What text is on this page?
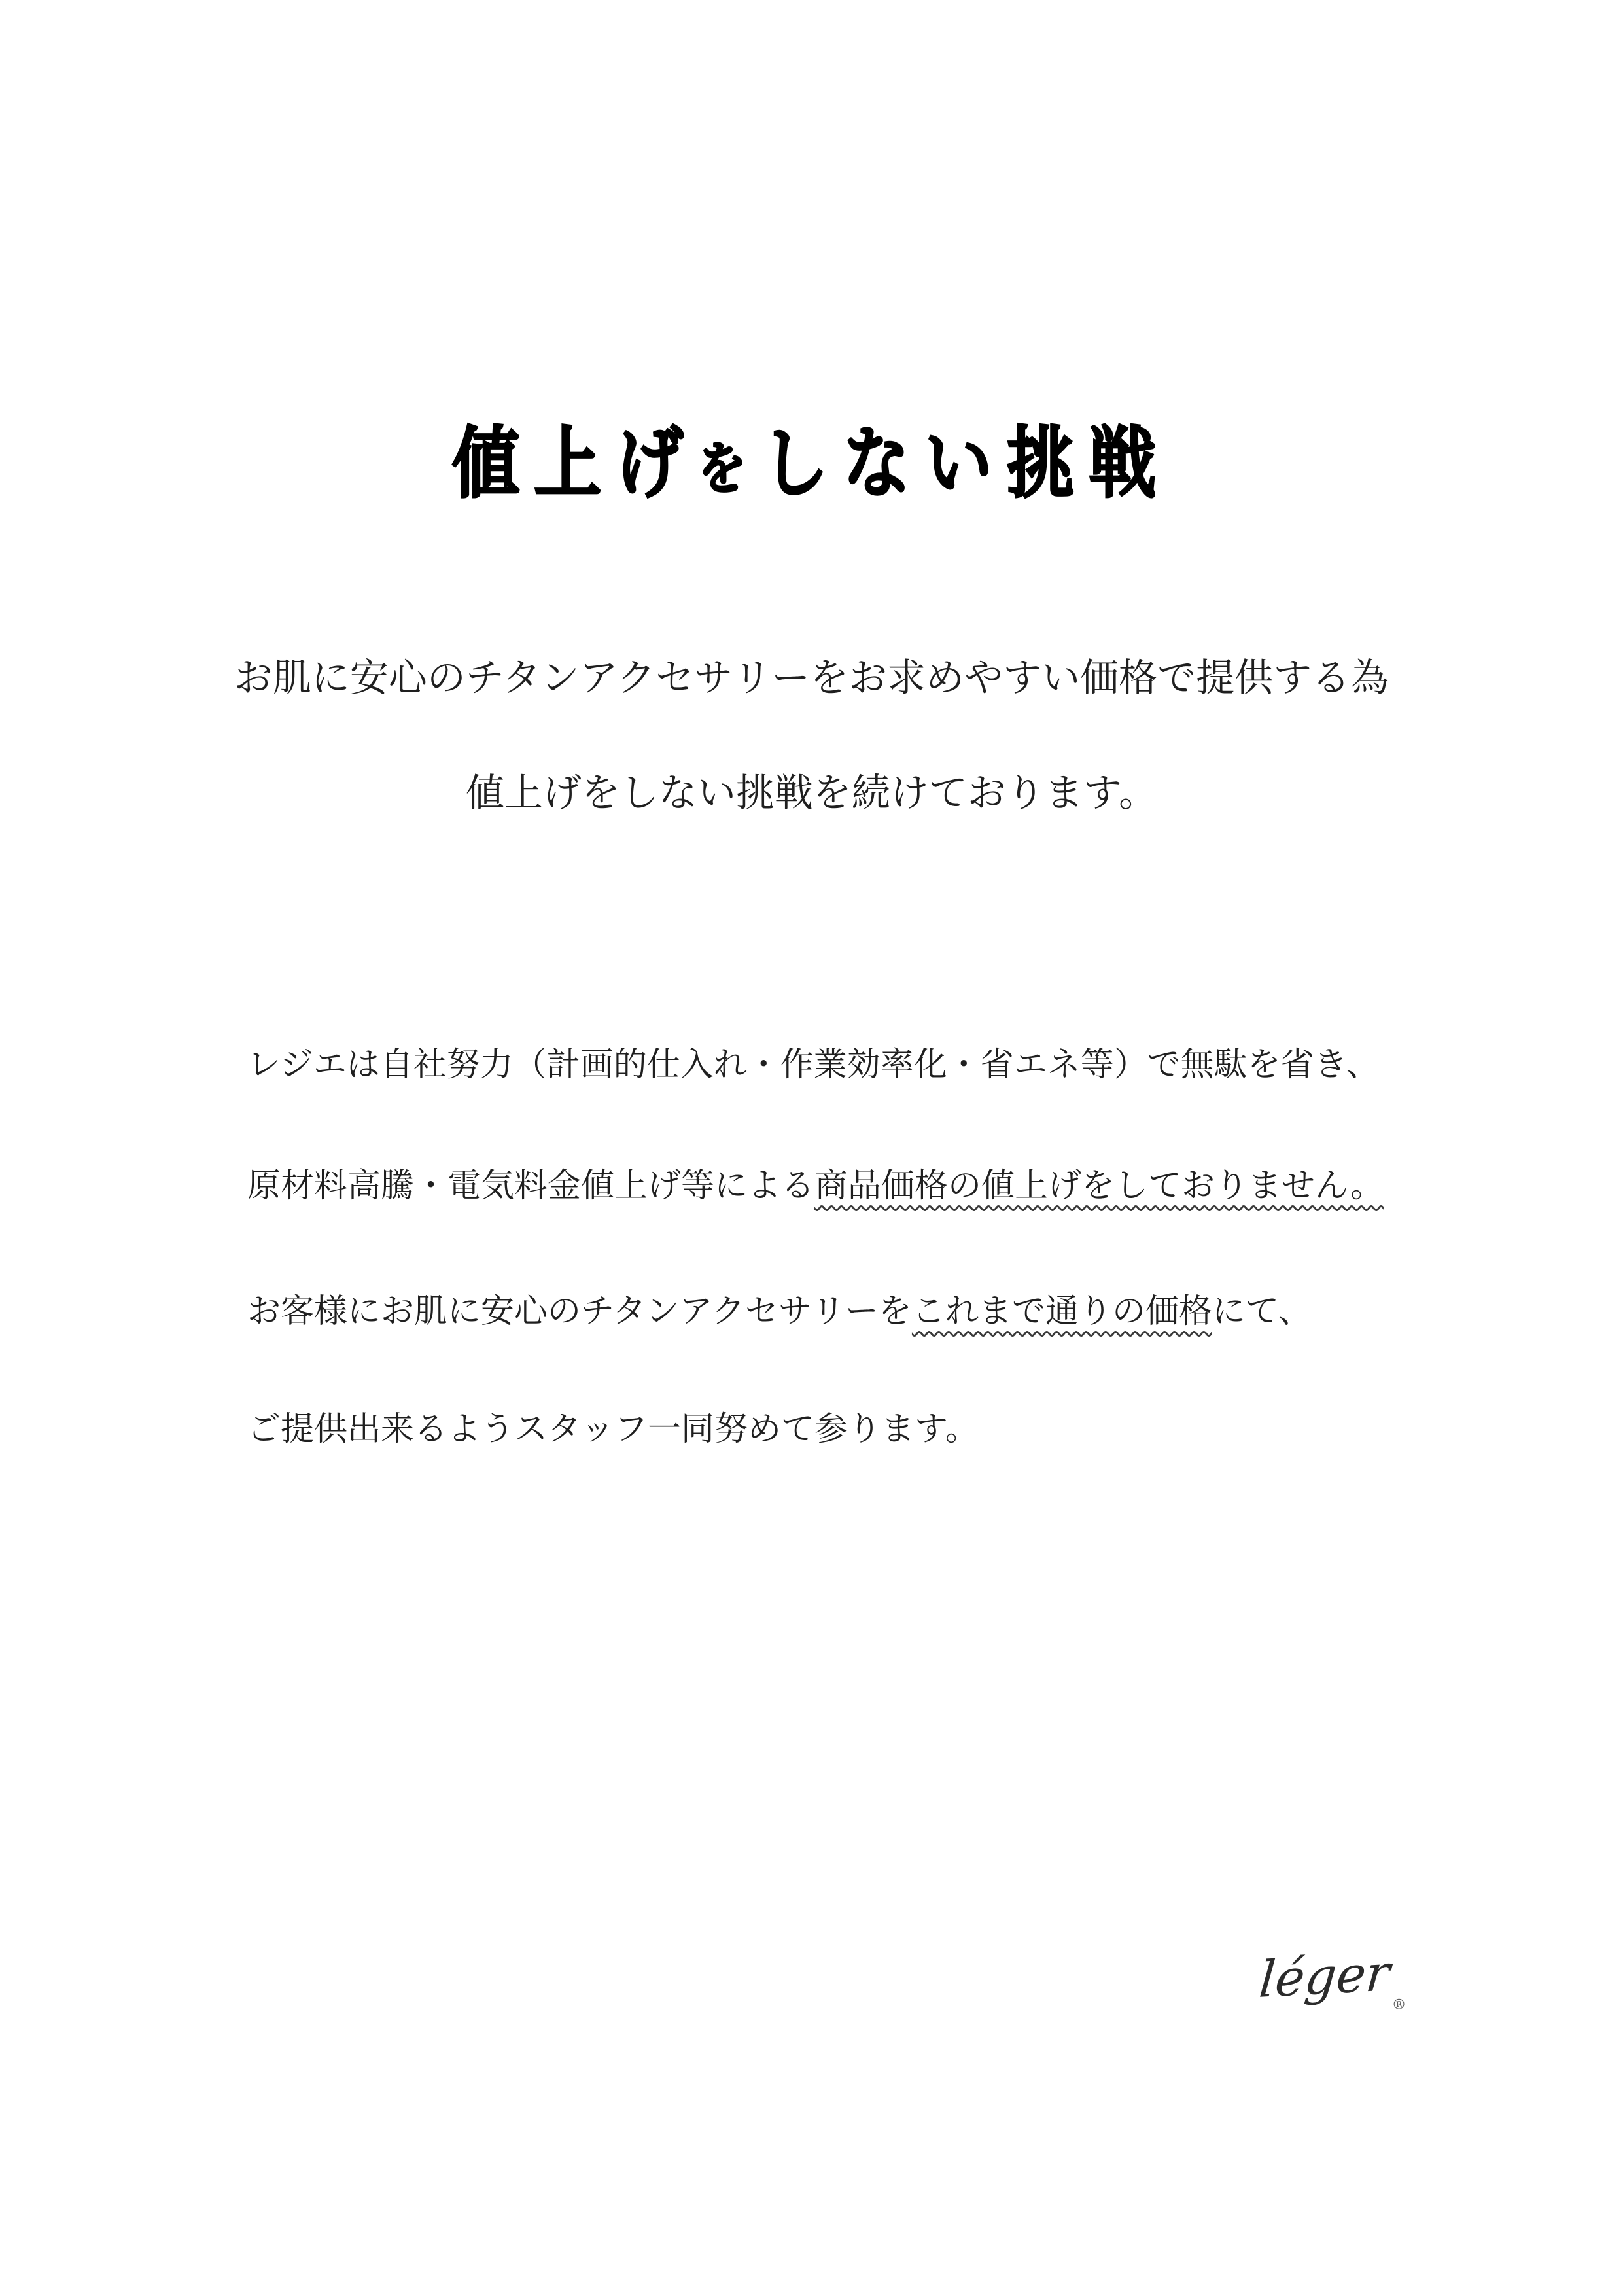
値上げをしない挑戦
お肌に安心のチタンアクセサリーをお求めやすい価格で提供する為
値上げをしない挑戦を続けております。
レジエは自社努力（計画的仕入れ・作業効率化・省エネ等）で無駄を省き、
原材料高騰・電気料金値上げ等による商品価格の値上げをしておりません。
お客様にお肌に安心のチタンアクセサリーをこれまで通りの価格にて、
ご提供出来るようスタッフ一同努めて参ります。
léger®
